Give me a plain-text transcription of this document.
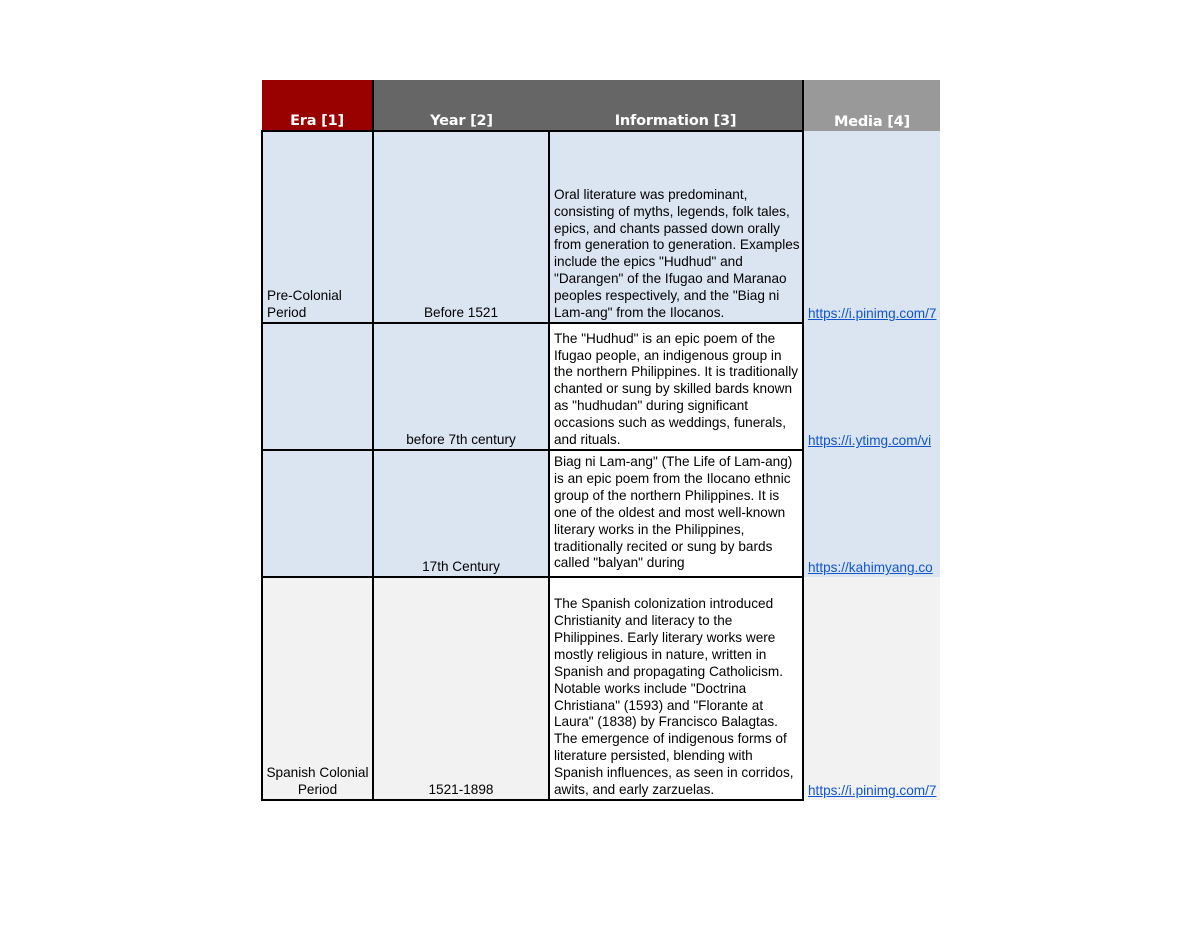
Era [1]	Year [2]	Information [3]	Media [4]
Pre-Colonial Period	Before 1521	Oral literature was predominant, consisting of myths, legends, folk tales, epics, and chants passed down orally from generation to generation. Examples include the epics "Hudhud" and "Darangen" of the Ifugao and Maranao peoples respectively, and the "Biag ni Lam-ang" from the Ilocanos.	https://i.pinimg.com/7
	before 7th century	The "Hudhud" is an epic poem of the Ifugao people, an indigenous group in the northern Philippines. It is traditionally chanted or sung by skilled bards known as "hudhudan" during significant occasions such as weddings, funerals, and rituals.	https://i.ytimg.com/vi
	17th Century	Biag ni Lam-ang" (The Life of Lam-ang) is an epic poem from the Ilocano ethnic group of the northern Philippines. It is one of the oldest and most well-known literary works in the Philippines, traditionally recited or sung by bards called "balyan" during	https://kahimyang.co
Spanish Colonial Period	1521-1898	The Spanish colonization introduced Christianity and literacy to the Philippines. Early literary works were mostly religious in nature, written in Spanish and propagating Catholicism. Notable works include "Doctrina Christiana" (1593) and "Florante at Laura" (1838) by Francisco Balagtas. The emergence of indigenous forms of literature persisted, blending with Spanish influences, as seen in corridos, awits, and early zarzuelas.	https://i.pinimg.com/7
